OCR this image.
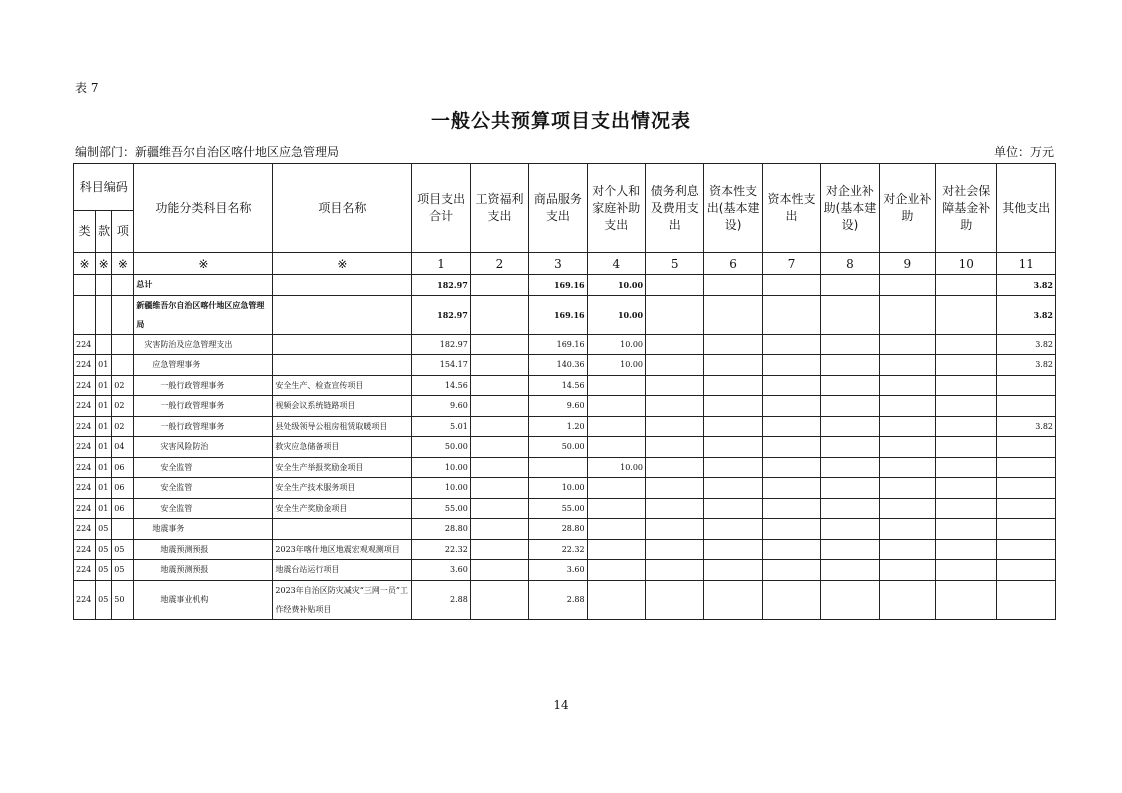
表 7
一般公共预算项目支出情况表
编制部门：新疆维吾尔自治区喀什地区应急管理局	单位：万元
科目编码			功能分类科目名称	项目名称	项目支出合计	工资福利支出	商品服务支出	对个人和家庭补助支出	债务利息及费用支出	资本性支出(基本建设)	资本性支出	对企业补助(基本建设)	对企业补助	对社会保障基金补助	其他支出
类	款	项													
※	※	※	※	※	1	2	3	4	5	6	7	8	9	10	11
			总计		182.97		169.16	10.00							3.82
			新疆维吾尔自治区喀什地区应急管理局		182.97		169.16	10.00							3.82
224			灾害防治及应急管理支出		182.97		169.16	10.00							3.82
224	01		应急管理事务		154.17		140.36	10.00							3.82
224	01	02	一般行政管理事务	安全生产、检查宣传项目	14.56		14.56								
224	01	02	一般行政管理事务	视频会议系统链路项目	9.60		9.60								
224	01	02	一般行政管理事务	县处级领导公租房租赁取暖项目	5.01		1.20								3.82
224	01	04	灾害风险防治	救灾应急储备项目	50.00		50.00								
224	01	06	安全监管	安全生产举报奖励金项目	10.00			10.00							
224	01	06	安全监管	安全生产技术服务项目	10.00		10.00								
224	01	06	安全监管	安全生产奖励金项目	55.00		55.00								
224	05		地震事务		28.80		28.80								
224	05	05	地震预测预报	2023年喀什地区地震宏观观测项目	22.32		22.32								
224	05	05	地震预测预报	地震台站运行项目	3.60		3.60								
224	05	50	地震事业机构	2023年自治区防灾减灾“三网一员”工作经费补贴项目	2.88		2.88								
14
